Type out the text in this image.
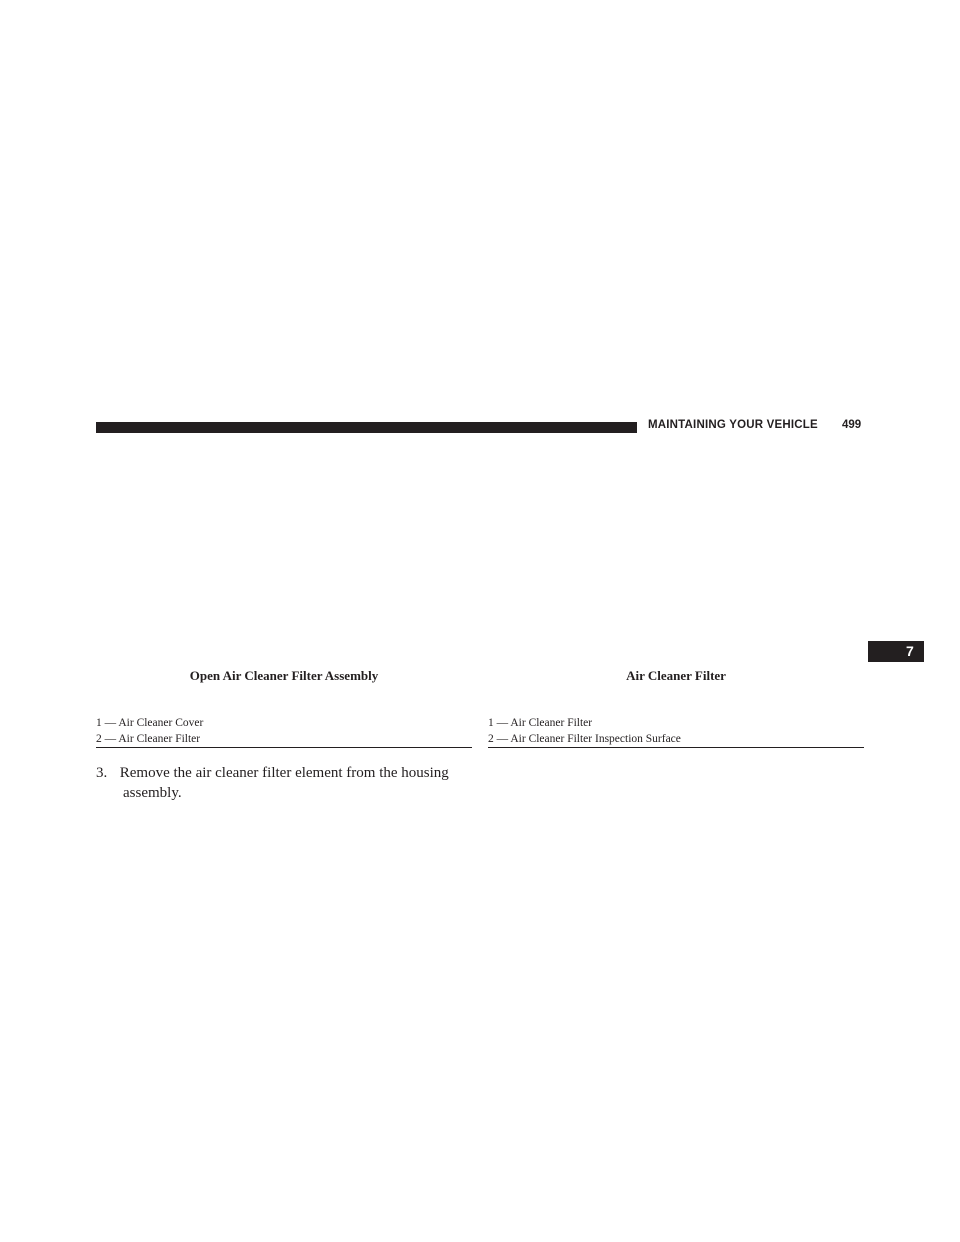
MAINTAINING YOUR VEHICLE 499
7
Open Air Cleaner Filter Assembly	Air Cleaner Filter
1 — Air Cleaner Cover
2 — Air Cleaner Filter
1 — Air Cleaner Filter
2 — Air Cleaner Filter Inspection Surface
3. Remove the air cleaner filter element from the housing
assembly.
